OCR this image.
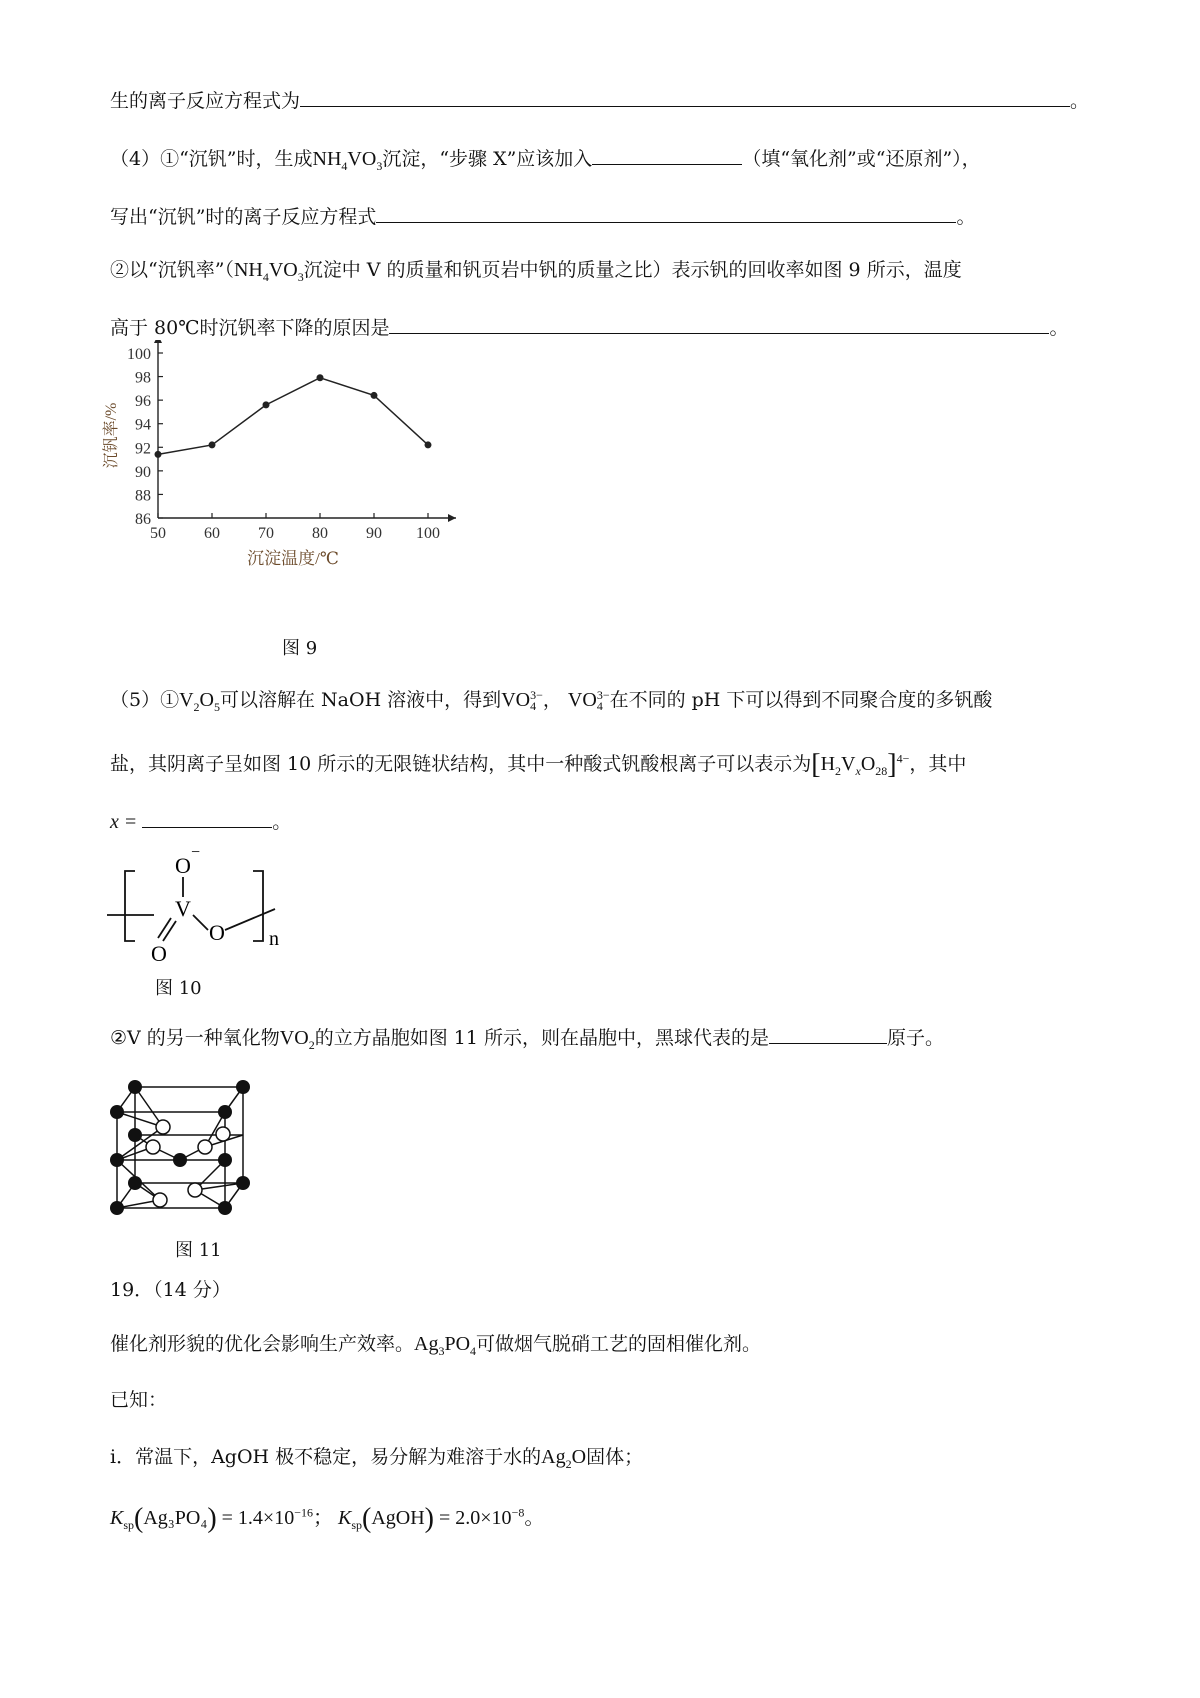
生的离子反应方程式为	。
（4）①“沉钒”时，生成$NH_4VO_3$沉淀，“步骤 X”应该加入	（填“氧化剂”或“还原剂”），
写出“沉钒”时的离子反应方程式	。
②以“沉钒率$”(NH_4VO_3$沉淀中 V 的质量和钒页岩中钒的质量之比）表示钒的回收率如图 9 所示，温度
高于 80℃时沉钒率下降的原因是	。
86
88
90
92
94
96
98
100
50 60 70 80 90 100
沉淀温度/℃
沉钒率/%
图 9
$(5)①V_2O_5$可以溶解在 NaOH 溶液中，得到VO 3−
4 ， VO 3−
4 在不同的 pH 下可以得到不同聚合度的多钒酸
盐，其阴离子呈如图 10 所示的无限链状结构，其中一种酸式钒酸根离子可以表示为$[H_2V_xO_{28}]^{4-}$，其中
x =	。
O
−
V
O
O n
图 10
②V 的另一种氧化物$VO_2$的立方晶胞如图 11 所示，则在晶胞中，黑球代表的是	原子。
图 11
19．（14 分）
催化剂形貌的优化会影响生产效率。$Ag_3PO_4$可做烟气脱硝工艺的固相催化剂。
已知：
ⅰ．常温下，AgOH 极不稳定，易分解为难溶于水的$Ag_2O$固体；
$K_{sp}(Ag_3PO_4) = 1.4\times 10^{-16}$； $K_{sp}(AgOH) = 2.0\times 10^{-8}$。
